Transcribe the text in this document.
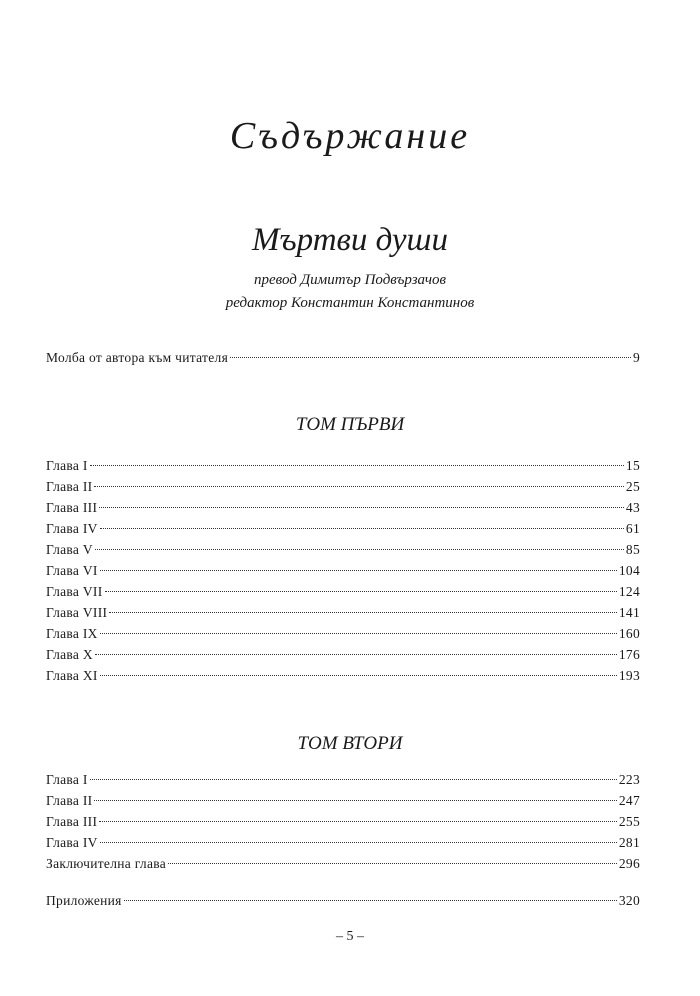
Съдържание
Мъртви души
превод Димитър Подвързачов
редактор Константин Константинов
Молба от автора към читателя	9
ТОМ ПЪРВИ
Глава I	15
Глава II	25
Глава III	43
Глава IV	61
Глава V	85
Глава VI	104
Глава VII	124
Глава VIII	141
Глава IX	160
Глава X	176
Глава XI	193
ТОМ ВТОРИ
Глава I	223
Глава II	247
Глава III	255
Глава IV	281
Заключителна глава	296
Приложения	320
– 5 –
